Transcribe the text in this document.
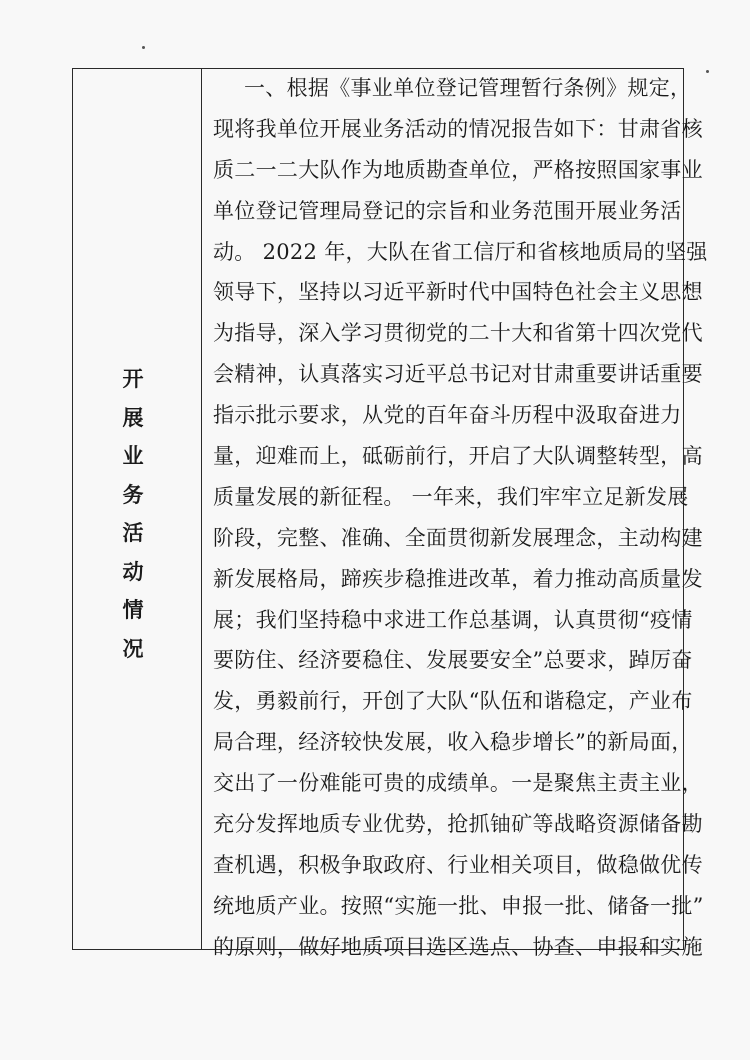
开
展
业
务
活
动
情
况
一、根据《事业单位登记管理暂行条例》规定，
现将我单位开展业务活动的情况报告如下：甘肃省核
质二一二大队作为地质勘查单位，严格按照国家事业
单位登记管理局登记的宗旨和业务范围开展业务活
动。 2022 年，大队在省工信厅和省核地质局的坚强
领导下，坚持以习近平新时代中国特色社会主义思想
为指导，深入学习贯彻党的二十大和省第十四次党代
会精神，认真落实习近平总书记对甘肃重要讲话重要
指示批示要求，从党的百年奋斗历程中汲取奋进力
量，迎难而上，砥砺前行，开启了大队调整转型，高
质量发展的新征程。 一年来，我们牢牢立足新发展
阶段，完整、准确、全面贯彻新发展理念，主动构建
新发展格局，蹄疾步稳推进改革，着力推动高质量发
展；我们坚持稳中求进工作总基调，认真贯彻“疫情
要防住、经济要稳住、发展要安全”总要求，踔厉奋
发，勇毅前行，开创了大队“队伍和谐稳定，产业布
局合理，经济较快发展，收入稳步增长”的新局面，
交出了一份难能可贵的成绩单。一是聚焦主责主业，
充分发挥地质专业优势，抢抓铀矿等战略资源储备勘
查机遇，积极争取政府、行业相关项目，做稳做优传
统地质产业。按照“实施一批、申报一批、储备一批”
的原则，做好地质项目选区选点、协查、申报和实施
